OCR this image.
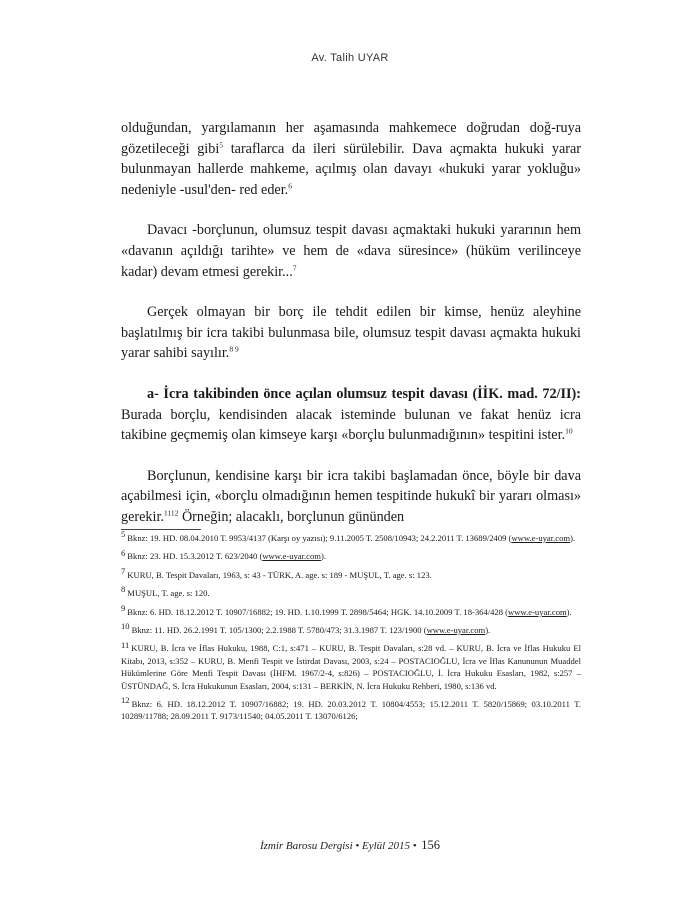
Av. Talih UYAR

olduğundan, yargılamanın her aşamasında mahkemece doğrudan doğ-ruya gözetileceği gibi$^5$ taraflarca da ileri sürülebilir. Dava açmakta hukuki yarar bulunmayan hallerde mahkeme, açılmış olan davayı «hukuki yarar yokluğu» nedeniyle -usul'den- red eder.$^6$

Davacı -borçlunun, olumsuz tespit davası açmaktaki hukuki yararının hem «davanın açıldığı tarihte» ve hem de «dava süresince» (hüküm verilinceye kadar) devam etmesi gerekir...$^7$

Gerçek olmayan bir borç ile tehdit edilen bir kimse, henüz aleyhine başlatılmış bir icra takibi bulunmasa bile, olumsuz tespit davası açmakta hukuki yarar sahibi sayılır.$^{8 9}$

a- İcra takibinden önce açılan olumsuz tespit davası (İİK. mad. 72/II): Burada borçlu, kendisinden alacak isteminde bulunan ve fakat henüz icra takibine geçmemiş olan kimseye karşı «borçlu bulunmadığının» tespitini ister.$^{10}$

Borçlunun, kendisine karşı bir icra takibi başlamadan önce, böyle bir dava açabilmesi için, «borçlu olmadığının hemen tespitinde hukukî bir yararı olması» gerekir.$^{1112}$ Örneğin; alacaklı, borçlunun gününden

5 Bknz: 19. HD. 08.04.2010 T. 9953/4137 (Karşı oy yazısı); 9.11.2005 T. 2508/10943; 24.2.2011 T. 13689/2409 (www.e-uyar.com).

6 Bknz: 23. HD. 15.3.2012 T. 623/2040 (www.e-uyar.com).

7 KURU, B. Tespit Davaları, 1963, s: 43 - TÜRK, A. age. s: 189 - MUŞUL, T. age. s: 123.

8 MUŞUL, T. age. s: 120.

9 Bknz: 6. HD. 18.12.2012 T. 10907/16882; 19. HD. 1.10.1999 T. 2898/5464; HGK. 14.10.2009 T. 18-364/428 (www.e-uyar.com).

10 Bknz: 11. HD. 26.2.1991 T. 105/1300; 2.2.1988 T. 5780/473; 31.3.1987 T. 123/1900 (www.e-uyar.com).

11 KURU, B. İcra ve İflas Hukuku, 1988, C:1, s:471 – KURU, B. Tespit Davaları, s:28 vd. – KURU, B. İcra ve İflas Hukuku El Kitabı, 2013, s:352 – KURU, B. Menfi Tespit ve İstirdat Davası, 2003, s:24 – POSTACIOĞLU, İcra ve İflas Kanununun Muaddel Hükümlerine Göre Menfi Tespit Davası (İHFM. 1967/2-4, s:826) – POSTACIOĞLU, İ. İcra Hukuku Esasları, 1982, s:257 – ÜSTÜNDAĞ, S. İcra Hukukunun Esasları, 2004, s:131 – BERKİN, N. İcra Hukuku Rehberi, 1980, s:136 vd.

12 Bknz: 6. HD. 18.12.2012 T. 10907/16882; 19. HD. 20.03.2012 T. 10804/4553; 15.12.2011 T. 5820/15869; 03.10.2011 T. 10289/11788; 28.09.2011 T. 9173/11540; 04.05.2011 T. 13070/6126;

İzmir Barosu Dergisi • Eylül 2015 • 156
